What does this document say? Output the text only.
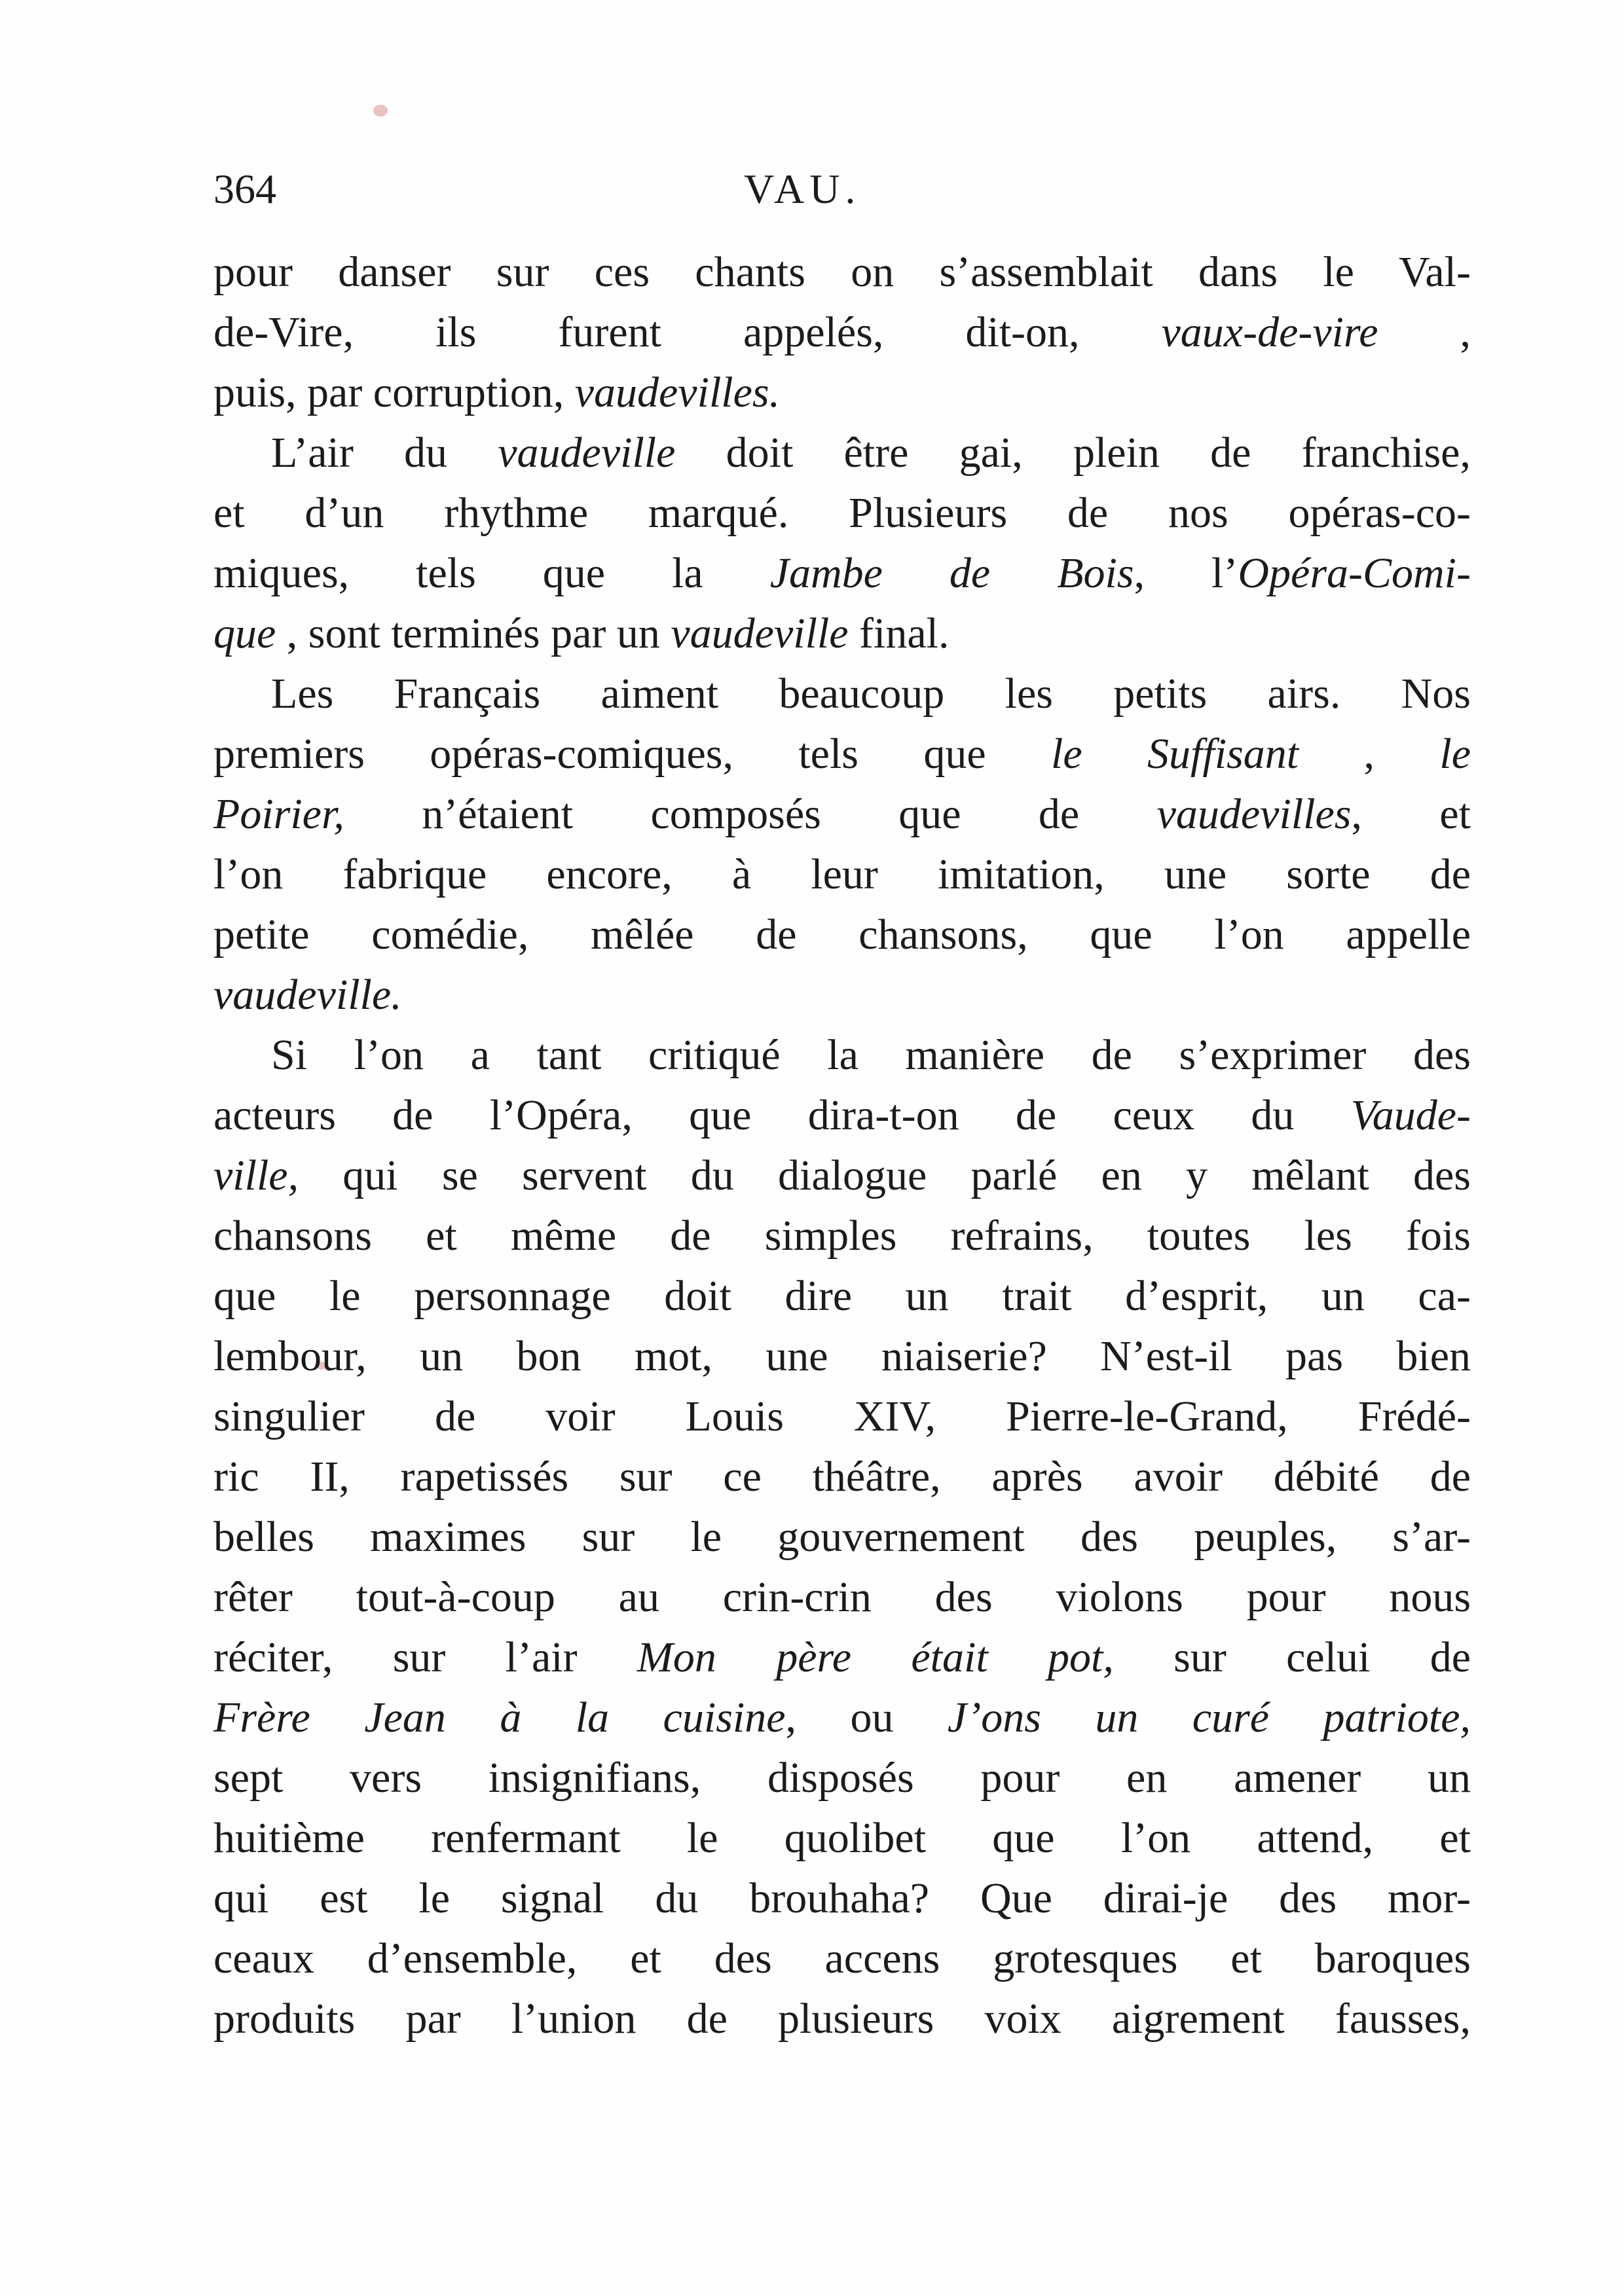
364	VAU.
pour danser sur ces chants on s’assemblait dans le Val-
de-Vire, ils furent appelés, dit-on, vaux-de-vire ,
puis, par corruption, vaudevilles.
L’air du vaudeville doit être gai, plein de franchise,
et d’un rhythme marqué. Plusieurs de nos opéras-co-
miques, tels que la Jambe de Bois, l’Opéra-Comi-
que , sont terminés par un vaudeville final.
Les Français aiment beaucoup les petits airs. Nos
premiers opéras-comiques, tels que le Suffisant , le
Poirier, n’étaient composés que de vaudevilles, et
l’on fabrique encore, à leur imitation, une sorte de
petite comédie, mêlée de chansons, que l’on appelle
vaudeville.
Si l’on a tant critiqué la manière de s’exprimer des
acteurs de l’Opéra, que dira-t-on de ceux du Vaude-
ville, qui se servent du dialogue parlé en y mêlant des
chansons et même de simples refrains, toutes les fois
que le personnage doit dire un trait d’esprit, un ca-
lembour, un bon mot, une niaiserie? N’est-il pas bien
singulier de voir Louis XIV, Pierre-le-Grand, Frédé-
ric II, rapetissés sur ce théâtre, après avoir débité de
belles maximes sur le gouvernement des peuples, s’ar-
rêter tout-à-coup au crin-crin des violons pour nous
réciter, sur l’air Mon père était pot, sur celui de
Frère Jean à la cuisine, ou J’ons un curé patriote,
sept vers insignifians, disposés pour en amener un
huitième renfermant le quolibet que l’on attend, et
qui est le signal du brouhaha? Que dirai-je des mor-
ceaux d’ensemble, et des accens grotesques et baroques
produits par l’union de plusieurs voix aigrement fausses,
